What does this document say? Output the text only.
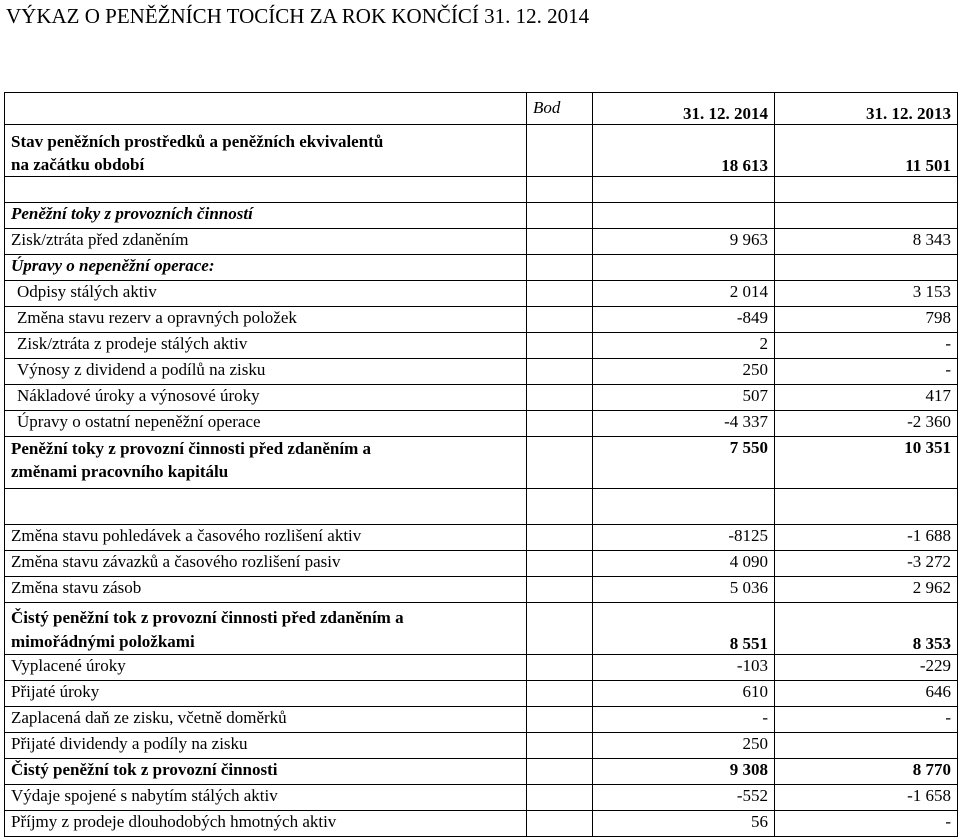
VÝKAZ O PENĚŽNÍCH TOCÍCH ZA ROK KONČÍCÍ 31. 12. 2014
	Bod	31. 12. 2014	31. 12. 2013

Stav peněžních prostředků a peněžních ekvivalentů
na začátku období		18 613	11 501

Peněžní toky z provozních činností			
Zisk/ztráta před zdaněním		9 963	8 343
Úpravy o nepeněžní operace:			
Odpisy stálých aktiv		2 014	3 153
Změna stavu rezerv a opravných položek		-849	798
Zisk/ztráta z prodeje stálých aktiv		2	-
Výnosy z dividend a podílů na zisku		250	-
Nákladové úroky a výnosové úroky		507	417
Úpravy o ostatní nepeněžní operace		-4 337	-2 360

Peněžní toky z provozní činnosti před zdaněním a
změnami pracovního kapitálu		7 550	10 351

Změna stavu pohledávek a časového rozlišení aktiv		-8125	-1 688
Změna stavu závazků a časového rozlišení pasiv		4 090	-3 272
Změna stavu zásob		5 036	2 962

Čistý peněžní tok z provozní činnosti před zdaněním a
mimořádnými položkami		8 551	8 353
Vyplacené úroky		-103	-229
Přijaté úroky		610	646
Zaplacená daň ze zisku, včetně doměrků		-	-
Přijaté dividendy a podíly na zisku		250	
Čistý peněžní tok z provozní činnosti		9 308	8 770
Výdaje spojené s nabytím stálých aktiv		-552	-1 658
Příjmy z prodeje dlouhodobých hmotných aktiv		56	-
